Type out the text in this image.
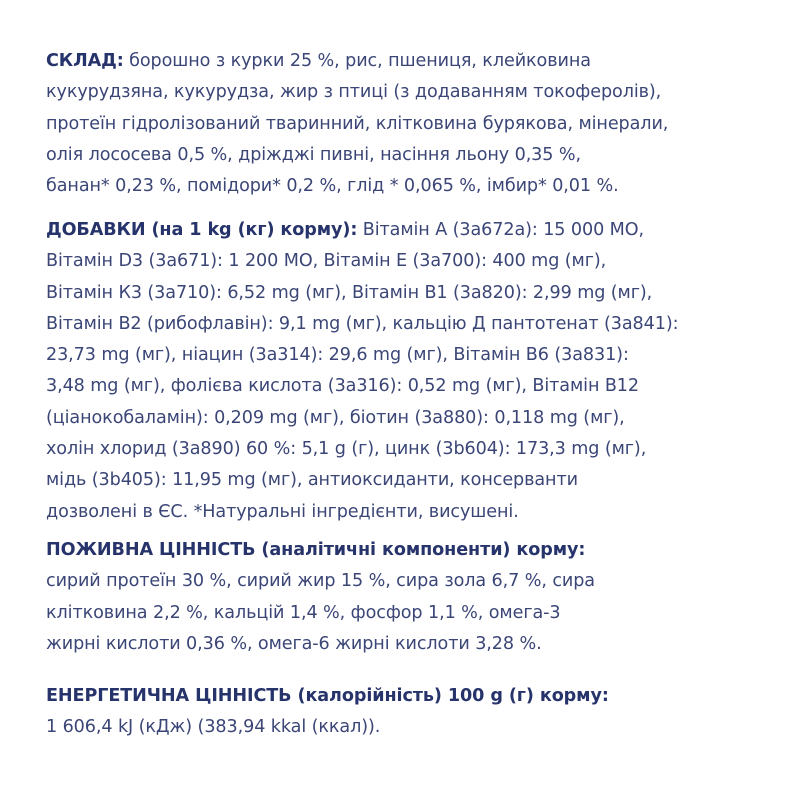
СКЛАД: борошно з курки 25 %, рис, пшениця, клейковина
кукурудзяна, кукурудза, жир з птиці (з додаванням токоферолів),
протеїн гідролізований тваринний, клітковина бурякова, мінерали,
олія лососева 0,5 %, дріжджі пивні, насіння льону 0,35 %,
банан* 0,23 %, помідори* 0,2 %, глід * 0,065 %, імбир* 0,01 %.
ДОБАВКИ (на 1 kg (кг) корму): Вітамін A (3a672a): 15 000 МО,
Вітамін D3 (3a671): 1 200 МО, Вітамін Е (3a700): 400 mg (мг),
Вітамін К3 (3a710): 6,52 mg (мг), Вітамін В1 (3a820): 2,99 mg (мг),
Вітамін В2 (рибофлавін): 9,1 mg (мг), кальцію Д пантотенат (3a841):
23,73 mg (мг), ніацин (3a314): 29,6 mg (мг), Вітамін В6 (3a831):
3,48 mg (мг), фолієва кислота (3a316): 0,52 mg (мг), Вітамін В12
(ціанокобаламін): 0,209 mg (мг), біотин (3a880): 0,118 mg (мг),
холін хлорид (3a890) 60 %: 5,1 g (г), цинк (3b604): 173,3 mg (мг),
мідь (3b405): 11,95 mg (мг), антиоксиданти, консерванти
дозволені в ЄС. *Натуральні інгредієнти, висушені.
ПОЖИВНА ЦІННІСТЬ (аналітичні компоненти) корму:
сирий протеїн 30 %, сирий жир 15 %, сира зола 6,7 %, сира
клітковина 2,2 %, кальцій 1,4 %, фосфор 1,1 %, омега-3
жирні кислоти 0,36 %, омега-6 жирні кислоти 3,28 %.
ЕНЕРГЕТИЧНА ЦІННІСТЬ (калорійність) 100 g (г) корму:
1 606,4 kJ (кДж) (383,94 kkal (ккал)).
